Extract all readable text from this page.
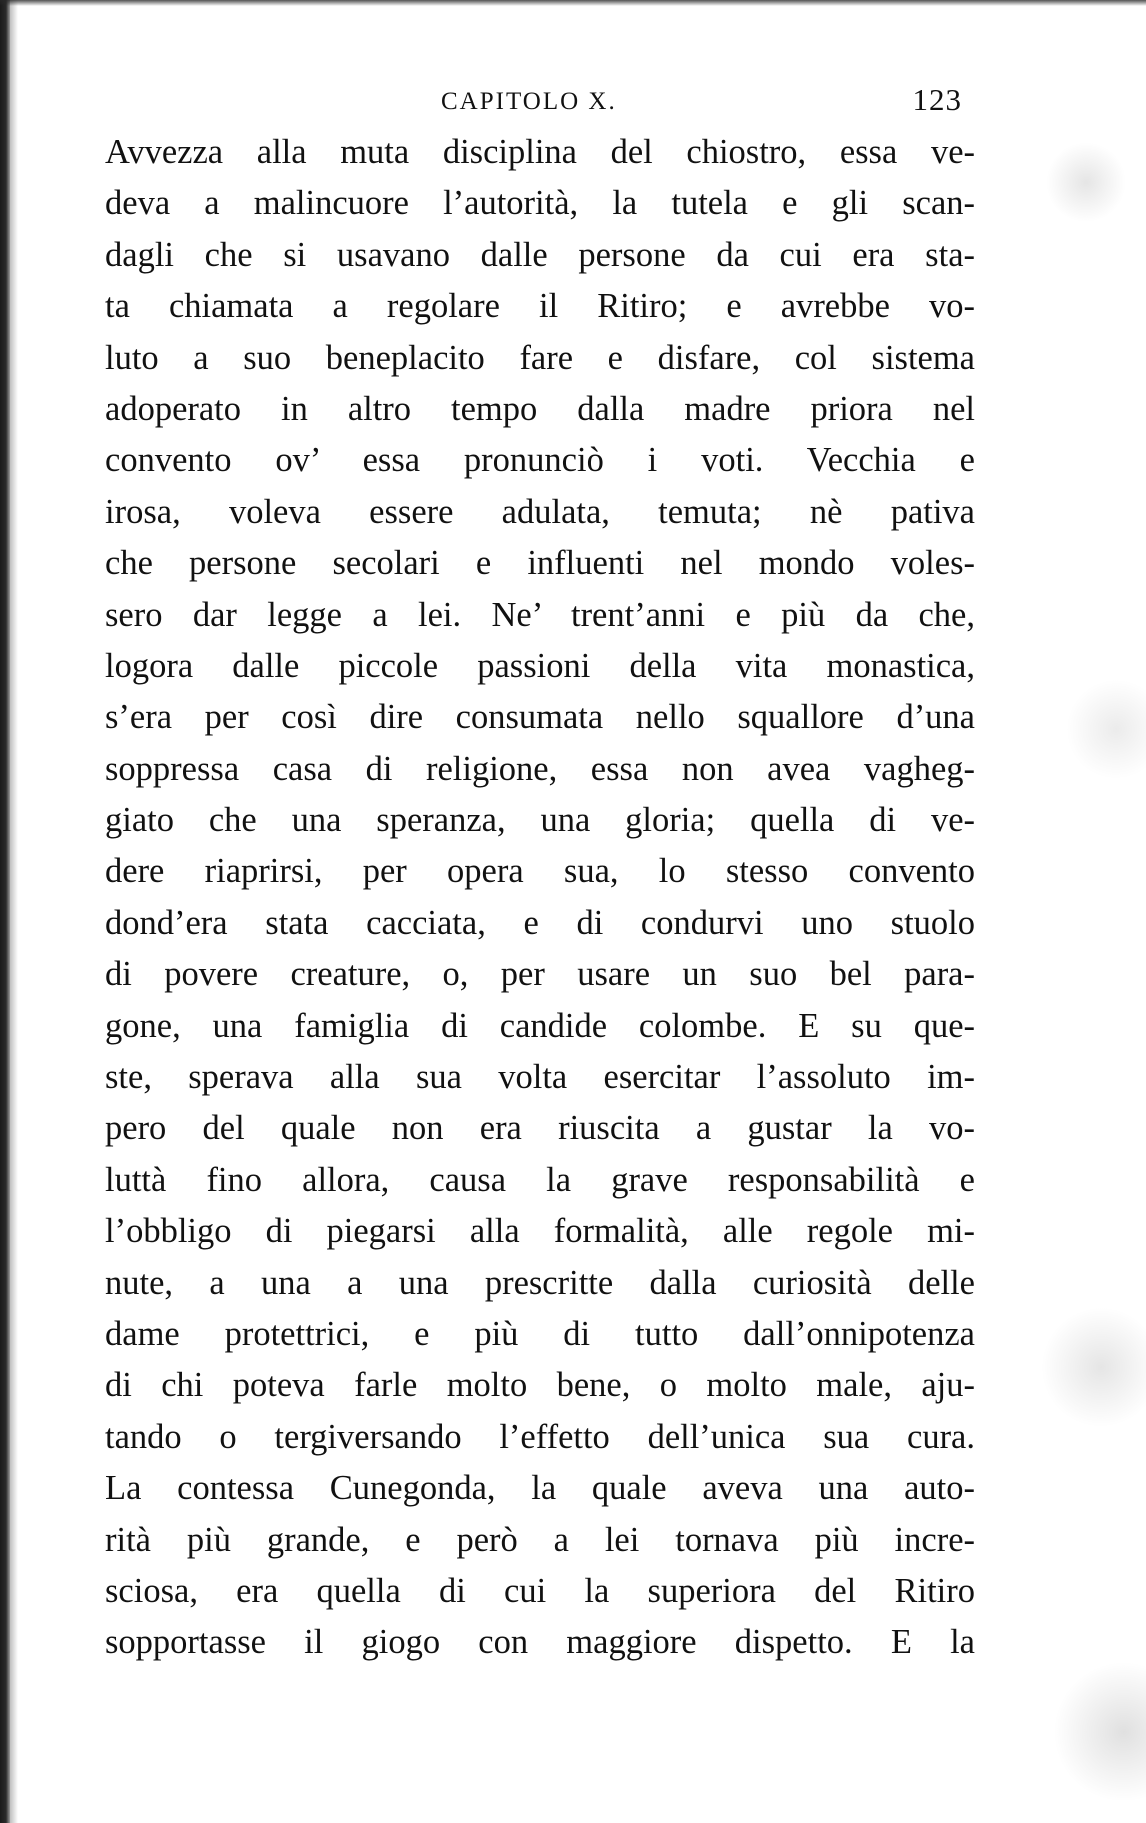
CAPITOLO X.	123
Avvezza alla muta disciplina del chiostro, essa ve-
deva a malincuore l’autorità, la tutela e gli scan-
dagli che si usavano dalle persone da cui era sta-
ta chiamata a regolare il Ritiro; e avrebbe vo-
luto a suo beneplacito fare e disfare, col sistema
adoperato in altro tempo dalla madre priora nel
convento ov’ essa pronunciò i voti. Vecchia e
irosa, voleva essere adulata, temuta; nè pativa
che persone secolari e influenti nel mondo voles-
sero dar legge a lei. Ne’ trent’anni e più da che,
logora dalle piccole passioni della vita monastica,
s’era per così dire consumata nello squallore d’una
soppressa casa di religione, essa non avea vagheg-
giato che una speranza, una gloria; quella di ve-
dere riaprirsi, per opera sua, lo stesso convento
dond’era stata cacciata, e di condurvi uno stuolo
di povere creature, o, per usare un suo bel para-
gone, una famiglia di candide colombe. E su que-
ste, sperava alla sua volta esercitar l’assoluto im-
pero del quale non era riuscita a gustar la vo-
luttà fino allora, causa la grave responsabilità e
l’obbligo di piegarsi alla formalità, alle regole mi-
nute, a una a una prescritte dalla curiosità delle
dame protettrici, e più di tutto dall’onnipotenza
di chi poteva farle molto bene, o molto male, aju-
tando o tergiversando l’effetto dell’unica sua cura.
La contessa Cunegonda, la quale aveva una auto-
rità più grande, e però a lei tornava più incre-
sciosa, era quella di cui la superiora del Ritiro
sopportasse il giogo con maggiore dispetto. E la
